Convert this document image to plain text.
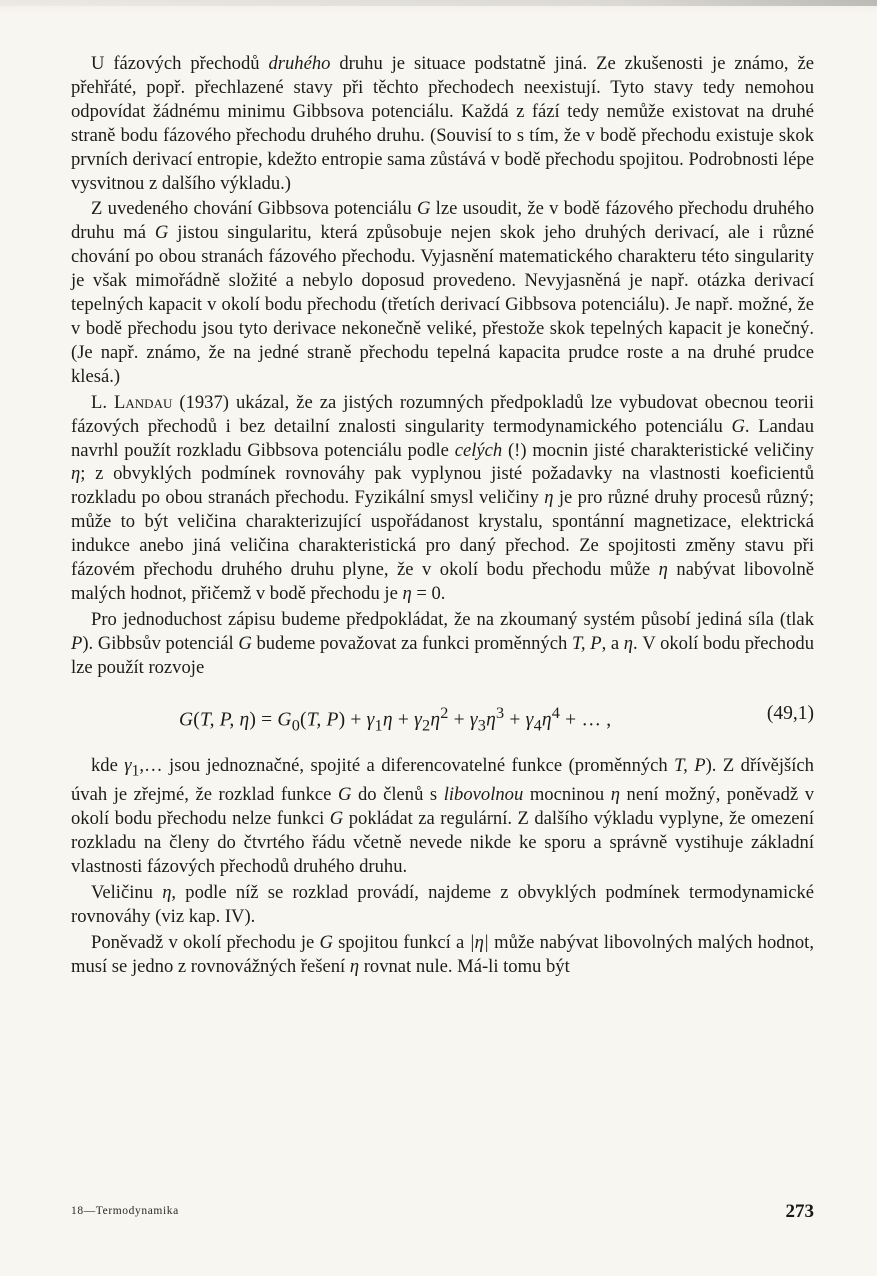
U fázových přechodů druhého druhu je situace podstatně jiná. Ze zkušenosti je známo, že přehřáté, popř. přechlazené stavy při těchto přechodech neexistují. Tyto stavy tedy nemohou odpovídat žádnému minimu Gibbsova potenciálu. Každá z fází tedy nemůže existovat na druhé straně bodu fázového přechodu druhého druhu. (Souvisí to s tím, že v bodě přechodu existuje skok prvních derivací entropie, kdežto entropie sama zůstává v bodě přechodu spojitou. Podrobnosti lépe vysvitnou z dalšího výkladu.)

Z uvedeného chování Gibbsova potenciálu G lze usoudit, že v bodě fázového přechodu druhého druhu má G jistou singularitu, která způsobuje nejen skok jeho druhých derivací, ale i různé chování po obou stranách fázového přechodu. Vyjasnění matematického charakteru této singularity je však mimořádně složité a nebylo doposud provedeno. Nevyjasněná je např. otázka derivací tepelných kapacit v okolí bodu přechodu (třetích derivací Gibbsova potenciálu). Je např. možné, že v bodě přechodu jsou tyto derivace nekonečně veliké, přestože skok tepelných kapacit je konečný. (Je např. známo, že na jedné straně přechodu tepelná kapacita prudce roste a na druhé prudce klesá.)

L. Landau (1937) ukázal, že za jistých rozumných předpokladů lze vybudovat obecnou teorii fázových přechodů i bez detailní znalosti singularity termodynamického potenciálu G. Landau navrhl použít rozkladu Gibbsova potenciálu podle celých (!) mocnin jisté charakteristické veličiny η; z obvyklých podmínek rovnováhy pak vyplynou jisté požadavky na vlastnosti koeficientů rozkladu po obou stranách přechodu. Fyzikální smysl veličiny η je pro různé druhy procesů různý; může to být veličina charakterizující uspořádanost krystalu, spontánní magnetizace, elektrická indukce anebo jiná veličina charakteristická pro daný přechod. Ze spojitosti změny stavu při fázovém přechodu druhého druhu plyne, že v okolí bodu přechodu může η nabývat libovolně malých hodnot, přičemž v bodě přechodu je η = 0.

Pro jednoduchost zápisu budeme předpokládat, že na zkoumaný systém působí jediná síla (tlak P). Gibbsův potenciál G budeme považovat za funkci proměnných T, P, a η. V okolí bodu přechodu lze použít rozvoje

G(T, P, $\eta) = G_0(T$, $P) + \gamma_1\eta + \gamma_2\eta^2 + \gamma_3\eta^3 + \gamma_4\eta^4$ + … ,	(49,1)

kde $\gamma_1,\dots$ jsou jednoznačné, spojité a diferencovatelné funkce (proměnných T, P). Z dřívějších úvah je zřejmé, že rozklad funkce G do členů s libovolnou mocninou η není možný, poněvadž v okolí bodu přechodu nelze funkci G pokládat za regulární. Z dalšího výkladu vyplyne, že omezení rozkladu na členy do čtvrtého řádu včetně nevede nikde ke sporu a správně vystihuje základní vlastnosti fázových přechodů druhého druhu.

Veličinu η, podle níž se rozklad provádí, najdeme z obvyklých podmínek termodynamické rovnováhy (viz kap. IV).

Poněvadž v okolí přechodu je G spojitou funkcí a |η| může nabývat libovolných malých hodnot, musí se jedno z rovnovážných řešení η rovnat nule. Má-li tomu být

18—Termodynamika	273
